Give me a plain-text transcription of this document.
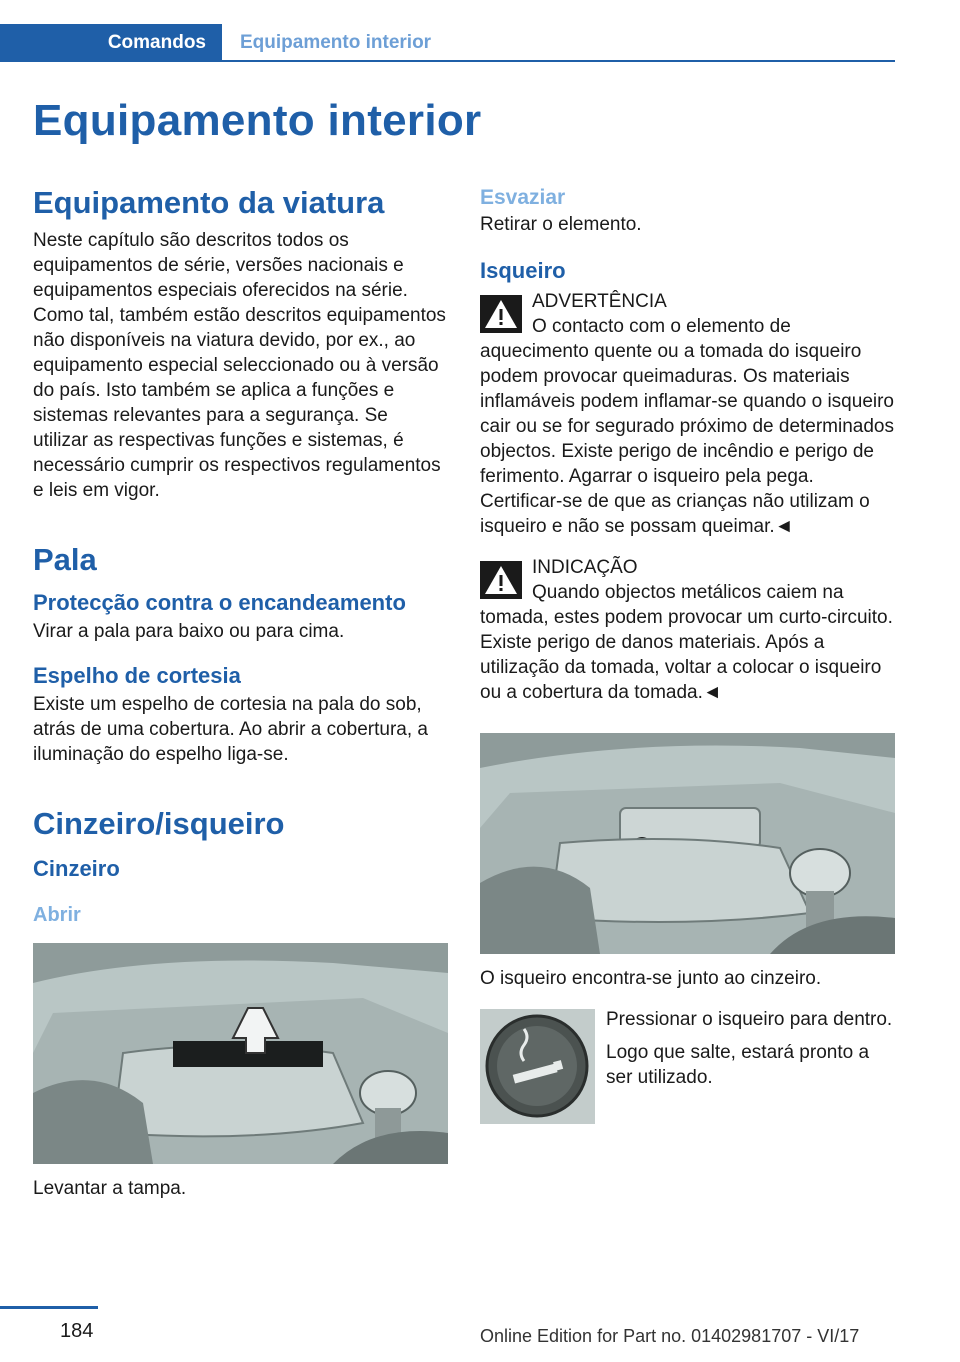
Comandos	Equipamento interior
Equipamento interior
Equipamento da viatura

Neste capítulo são descritos todos os equipamentos de série, versões nacionais e equipamentos especiais oferecidos na série. Como tal, também estão descritos equipamentos não disponíveis na viatura devido, por ex., ao equipamento especial seleccionado ou à versão do país. Isto também se aplica a funções e sistemas relevantes para a segurança. Se utilizar as respectivas funções e sistemas, é necessário cumprir os respectivos regulamentos e leis em vigor.

Pala
Protecção contra o encandeamento

Virar a pala para baixo ou para cima.

Espelho de cortesia

Existe um espelho de cortesia na pala do sob, atrás de uma cobertura. Ao abrir a cobertura, a iluminação do espelho liga-se.

Cinzeiro/isqueiro
Cinzeiro
Abrir

Levantar a tampa.

Esvaziar

Retirar o elemento.

Isqueiro

ADVERTÊNCIA

O contacto com o elemento de aquecimento quente ou a tomada do isqueiro podem provocar queimaduras. Os materiais inflamáveis podem inflamar-se quando o isqueiro cair ou se for segurado próximo de determinados objectos. Existe perigo de incêndio e perigo de ferimento. Agarrar o isqueiro pela pega. Certificar-se de que as crianças não utilizam o isqueiro e não se possam queimar.◄

INDICAÇÃO

Quando objectos metálicos caiem na tomada, estes podem provocar um curto-circuito. Existe perigo de danos materiais. Após a utilização da tomada, voltar a colocar o isqueiro ou a cobertura da tomada.◄

O isqueiro encontra-se junto ao cinzeiro.

Pressionar o isqueiro para dentro.

Logo que salte, estará pronto a ser utilizado.

184	Online Edition for Part no. 01402981707 - VI/17
